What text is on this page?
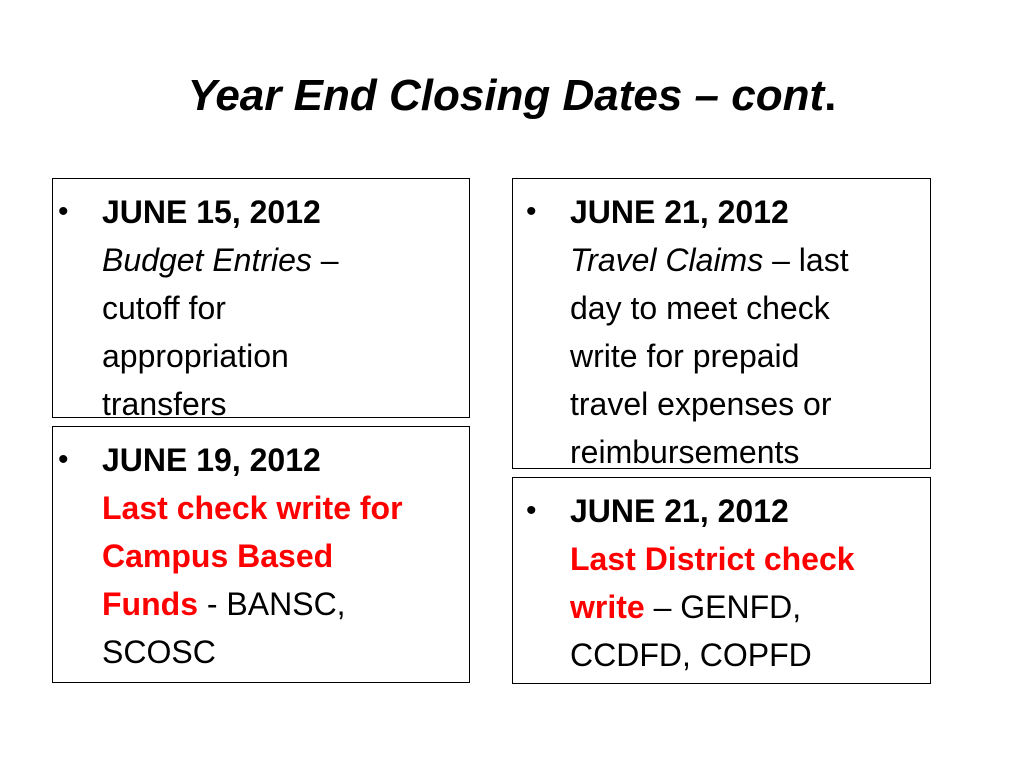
Year End Closing Dates – cont.
• JUNE 15, 2012
Budget Entries –
cutoff for
appropriation
transfers
• JUNE 19, 2012
Last check write for
Campus Based
Funds - BANSC,
SCOSC
• JUNE 21, 2012
Travel Claims – last
day to meet check
write for prepaid
travel expenses or
reimbursements
• JUNE 21, 2012
Last District check
write – GENFD,
CCDFD, COPFD
